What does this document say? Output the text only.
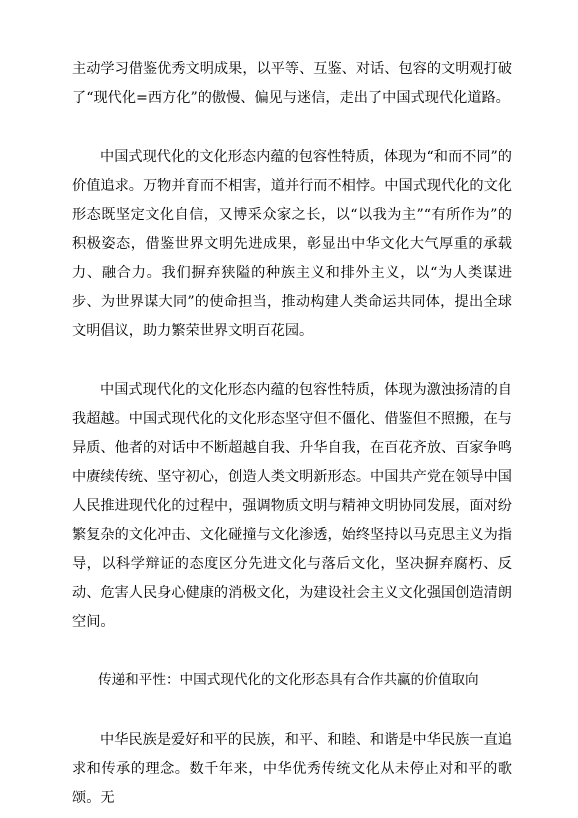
主动学习借鉴优秀文明成果，以平等、互鉴、对话、包容的文明观打破了“现代化=西方化”的傲慢、偏见与迷信，走出了中国式现代化道路。

中国式现代化的文化形态内蕴的包容性特质，体现为“和而不同”的价值追求。万物并育而不相害，道并行而不相悖。中国式现代化的文化形态既坚定文化自信，又博采众家之长，以“以我为主”“有所作为”的积极姿态，借鉴世界文明先进成果，彰显出中华文化大气厚重的承载力、融合力。我们摒弃狭隘的种族主义和排外主义，以“为人类谋进步、为世界谋大同”的使命担当，推动构建人类命运共同体，提出全球文明倡议，助力繁荣世界文明百花园。

中国式现代化的文化形态内蕴的包容性特质，体现为激浊扬清的自我超越。中国式现代化的文化形态坚守但不僵化、借鉴但不照搬，在与异质、他者的对话中不断超越自我、升华自我，在百花齐放、百家争鸣中赓续传统、坚守初心，创造人类文明新形态。中国共产党在领导中国人民推进现代化的过程中，强调物质文明与精神文明协同发展，面对纷繁复杂的文化冲击、文化碰撞与文化渗透，始终坚持以马克思主义为指导，以科学辩证的态度区分先进文化与落后文化，坚决摒弃腐朽、反动、危害人民身心健康的消极文化，为建设社会主义文化强国创造清朗空间。

传递和平性：中国式现代化的文化形态具有合作共赢的价值取向

中华民族是爱好和平的民族，和平、和睦、和谐是中华民族一直追求和传承的理念。数千年来，中华优秀传统文化从未停止对和平的歌颂。无
